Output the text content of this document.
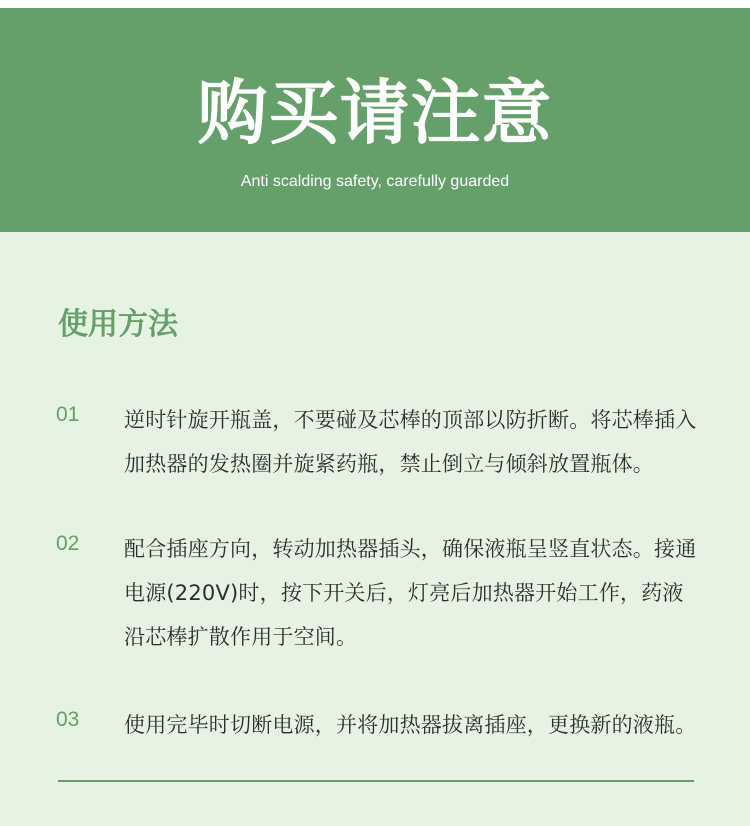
购买请注意
Anti scalding safety, carefully guarded
使用方法
01 逆时针旋开瓶盖，不要碰及芯棒的顶部以防折断。将芯棒插入加热器的发热圈并旋紧药瓶，禁止倒立与倾斜放置瓶体。
02 配合插座方向，转动加热器插头，确保液瓶呈竖直状态。接通电源(220V)时，按下开关后，灯亮后加热器开始工作，药液沿芯棒扩散作用于空间。
03 使用完毕时切断电源，并将加热器拔离插座，更换新的液瓶。
